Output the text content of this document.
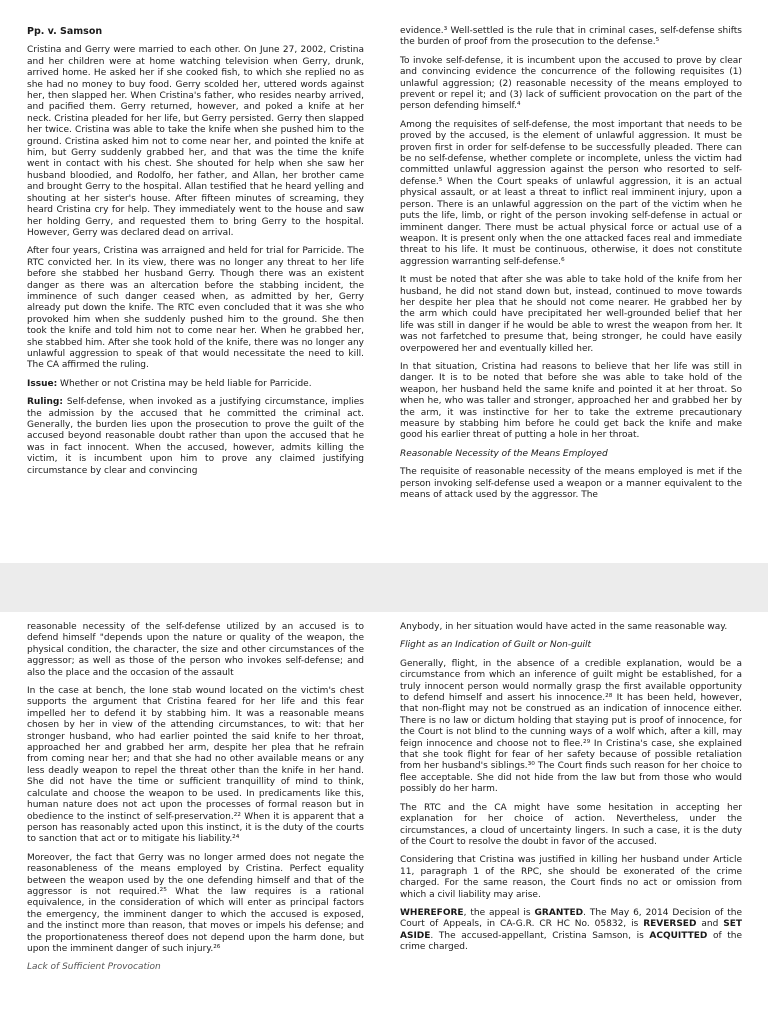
Pp. v. Samson

Cristina and Gerry were married to each other. On June 27, 2002, Cristina and her children were at home watching television when Gerry, drunk, arrived home. He asked her if she cooked fish, to which she replied no as she had no money to buy food. Gerry scolded her, uttered words against her, then slapped her. When Cristina's father, who resides nearby arrived, and pacified them. Gerry returned, however, and poked a knife at her neck. Cristina pleaded for her life, but Gerry persisted. Gerry then slapped her twice. Cristina was able to take the knife when she pushed him to the ground. Cristina asked him not to come near her, and pointed the knife at him, but Gerry suddenly grabbed her, and that was the time the knife went in contact with his chest. She shouted for help when she saw her husband bloodied, and Rodolfo, her father, and Allan, her brother came and brought Gerry to the hospital. Allan testified that he heard yelling and shouting at her sister's house. After fifteen minutes of screaming, they heard Cristina cry for help. They immediately went to the house and saw her holding Gerry, and requested them to bring Gerry to the hospital. However, Gerry was declared dead on arrival.

After four years, Cristina was arraigned and held for trial for Parricide. The RTC convicted her. In its view, there was no longer any threat to her life before she stabbed her husband Gerry. Though there was an existent danger as there was an altercation before the stabbing incident, the imminence of such danger ceased when, as admitted by her, Gerry already put down the knife. The RTC even concluded that it was she who provoked him when she suddenly pushed him to the ground. She then took the knife and told him not to come near her. When he grabbed her, she stabbed him. After she took hold of the knife, there was no longer any unlawful aggression to speak of that would necessitate the need to kill. The CA affirmed the ruling.

Issue: Whether or not Cristina may be held liable for Parricide.

Ruling: Self-defense, when invoked as a justifying circumstance, implies the admission by the accused that he committed the criminal act. Generally, the burden lies upon the prosecution to prove the guilt of the accused beyond reasonable doubt rather than upon the accused that he was in fact innocent. When the accused, however, admits killing the victim, it is incumbent upon him to prove any claimed justifying circumstance by clear and convincing

evidence.³ Well-settled is the rule that in criminal cases, self-defense shifts the burden of proof from the prosecution to the defense.⁵

To invoke self-defense, it is incumbent upon the accused to prove by clear and convincing evidence the concurrence of the following requisites (1) unlawful aggression; (2) reasonable necessity of the means employed to prevent or repel it; and (3) lack of sufficient provocation on the part of the person defending himself.⁴

Among the requisites of self-defense, the most important that needs to be proved by the accused, is the element of unlawful aggression. It must be proven first in order for self-defense to be successfully pleaded. There can be no self-defense, whether complete or incomplete, unless the victim had committed unlawful aggression against the person who resorted to self-defense.⁵ When the Court speaks of unlawful aggression, it is an actual physical assault, or at least a threat to inflict real imminent injury, upon a person. There is an unlawful aggression on the part of the victim when he puts the life, limb, or right of the person invoking self-defense in actual or imminent danger. There must be actual physical force or actual use of a weapon. It is present only when the one attacked faces real and immediate threat to his life. It must be continuous, otherwise, it does not constitute aggression warranting self-defense.⁶

It must be noted that after she was able to take hold of the knife from her husband, he did not stand down but, instead, continued to move towards her despite her plea that he should not come nearer. He grabbed her by the arm which could have precipitated her well-grounded belief that her life was still in danger if he would be able to wrest the weapon from her. It was not farfetched to presume that, being stronger, he could have easily overpowered her and eventually killed her.

In that situation, Cristina had reasons to believe that her life was still in danger. It is to be noted that before she was able to take hold of the weapon, her husband held the same knife and pointed it at her throat. So when he, who was taller and stronger, approached her and grabbed her by the arm, it was instinctive for her to take the extreme precautionary measure by stabbing him before he could get back the knife and make good his earlier threat of putting a hole in her throat.

Reasonable Necessity of the Means Employed

The requisite of reasonable necessity of the means employed is met if the person invoking self-defense used a weapon or a manner equivalent to the means of attack used by the aggressor. The

reasonable necessity of the self-defense utilized by an accused is to defend himself "depends upon the nature or quality of the weapon, the physical condition, the character, the size and other circumstances of the aggressor; as well as those of the person who invokes self-defense; and also the place and the occasion of the assault

In the case at bench, the lone stab wound located on the victim's chest supports the argument that Cristina feared for her life and this fear impelled her to defend it by stabbing him. It was a reasonable means chosen by her in view of the attending circumstances, to wit: that her stronger husband, who had earlier pointed the said knife to her throat, approached her and grabbed her arm, despite her plea that he refrain from coming near her; and that she had no other available means or any less deadly weapon to repel the threat other than the knife in her hand. She did not have the time or sufficient tranquillity of mind to think, calculate and choose the weapon to be used. In predicaments like this, human nature does not act upon the processes of formal reason but in obedience to the instinct of self-preservation.²² When it is apparent that a person has reasonably acted upon this instinct, it is the duty of the courts to sanction that act or to mitigate his liability.²⁴

Moreover, the fact that Gerry was no longer armed does not negate the reasonableness of the means employed by Cristina. Perfect equality between the weapon used by the one defending himself and that of the aggressor is not required.²⁵ What the law requires is a rational equivalence, in the consideration of which will enter as principal factors the emergency, the imminent danger to which the accused is exposed, and the instinct more than reason, that moves or impels his defense; and the proportionateness thereof does not depend upon the harm done, but upon the imminent danger of such injury.²⁶

Lack of Sufficient Provocation

Anybody, in her situation would have acted in the same reasonable way.

Flight as an Indication of Guilt or Non-guilt

Generally, flight, in the absence of a credible explanation, would be a circumstance from which an inference of guilt might be established, for a truly innocent person would normally grasp the first available opportunity to defend himself and assert his innocence.²⁸ It has been held, however, that non-flight may not be construed as an indication of innocence either. There is no law or dictum holding that staying put is proof of innocence, for the Court is not blind to the cunning ways of a wolf which, after a kill, may feign innocence and choose not to flee.²⁹ In Cristina's case, she explained that she took flight for fear of her safety because of possible retaliation from her husband's siblings.³⁰ The Court finds such reason for her choice to flee acceptable. She did not hide from the law but from those who would possibly do her harm.

The RTC and the CA might have some hesitation in accepting her explanation for her choice of action. Nevertheless, under the circumstances, a cloud of uncertainty lingers. In such a case, it is the duty of the Court to resolve the doubt in favor of the accused.

Considering that Cristina was justified in killing her husband under Article 11, paragraph 1 of the RPC, she should be exonerated of the crime charged. For the same reason, the Court finds no act or omission from which a civil liability may arise.

WHEREFORE, the appeal is GRANTED. The May 6, 2014 Decision of the Court of Appeals, in CA-G.R. CR HC No. 05832, is REVERSED and SET ASIDE. The accused-appellant, Cristina Samson, is ACQUITTED of the crime charged.
